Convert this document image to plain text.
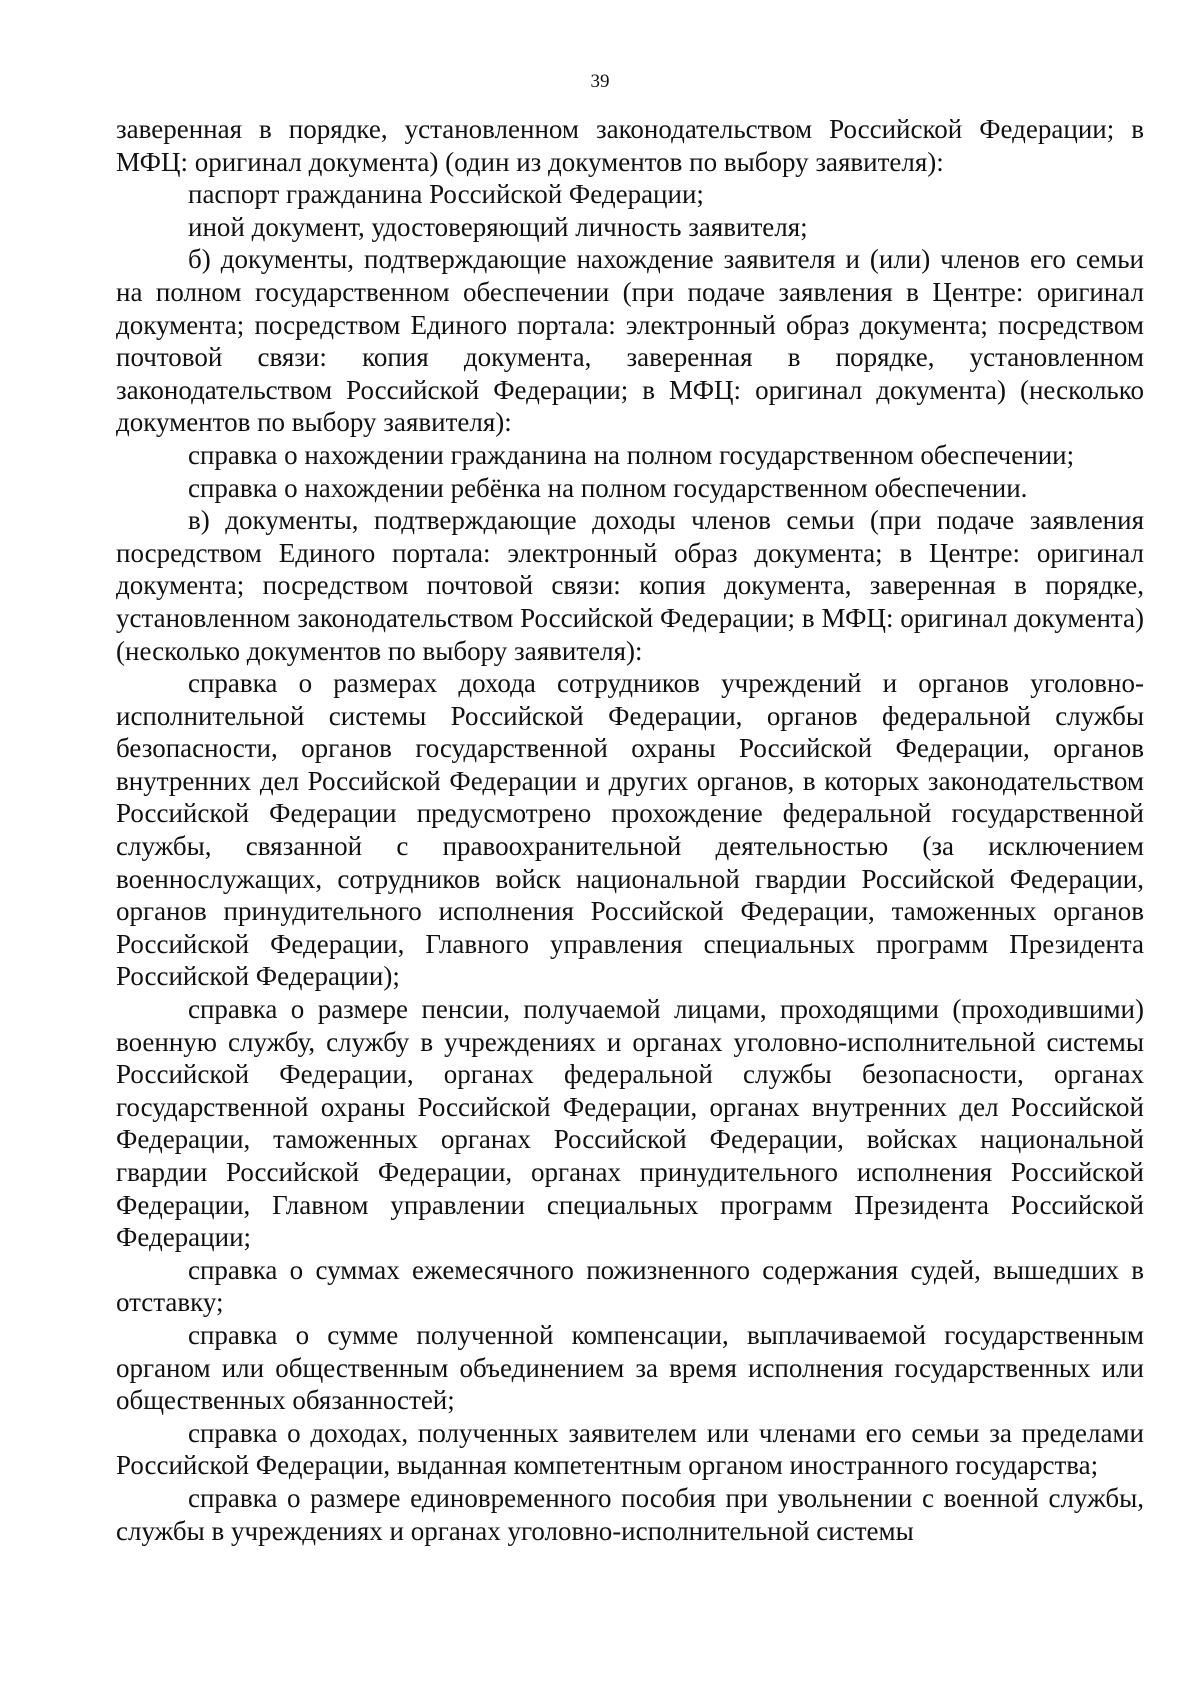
39

заверенная в порядке, установленном законодательством Российской Федерации; в МФЦ: оригинал документа) (один из документов по выбору заявителя):

паспорт гражданина Российской Федерации;

иной документ, удостоверяющий личность заявителя;

б) документы, подтверждающие нахождение заявителя и (или) членов его семьи на полном государственном обеспечении (при подаче заявления в Центре: оригинал документа; посредством Единого портала: электронный образ документа; посредством почтовой связи: копия документа, заверенная в порядке, установленном законодательством Российской Федерации; в МФЦ: оригинал документа) (несколько документов по выбору заявителя):

справка о нахождении гражданина на полном государственном обеспечении;

справка о нахождении ребёнка на полном государственном обеспечении.

в) документы, подтверждающие доходы членов семьи (при подаче заявления посредством Единого портала: электронный образ документа; в Центре: оригинал документа; посредством почтовой связи: копия документа, заверенная в порядке, установленном законодательством Российской Федерации; в МФЦ: оригинал документа) (несколько документов по выбору заявителя):

справка о размерах дохода сотрудников учреждений и органов уголовно-исполнительной системы Российской Федерации, органов федеральной службы безопасности, органов государственной охраны Российской Федерации, органов внутренних дел Российской Федерации и других органов, в которых законодательством Российской Федерации предусмотрено прохождение федеральной государственной службы, связанной с правоохранительной деятельностью (за исключением военнослужащих, сотрудников войск национальной гвардии Российской Федерации, органов принудительного исполнения Российской Федерации, таможенных органов Российской Федерации, Главного управления специальных программ Президента Российской Федерации);

справка о размере пенсии, получаемой лицами, проходящими (проходившими) военную службу, службу в учреждениях и органах уголовно-исполнительной системы Российской Федерации, органах федеральной службы безопасности, органах государственной охраны Российской Федерации, органах внутренних дел Российской Федерации, таможенных органах Российской Федерации, войсках национальной гвардии Российской Федерации, органах принудительного исполнения Российской Федерации, Главном управлении специальных программ Президента Российской Федерации;

справка о суммах ежемесячного пожизненного содержания судей, вышедших в отставку;

справка о сумме полученной компенсации, выплачиваемой государственным органом или общественным объединением за время исполнения государственных или общественных обязанностей;

справка о доходах, полученных заявителем или членами его семьи за пределами Российской Федерации, выданная компетентным органом иностранного государства;

справка о размере единовременного пособия при увольнении с военной службы, службы в учреждениях и органах уголовно-исполнительной системы
